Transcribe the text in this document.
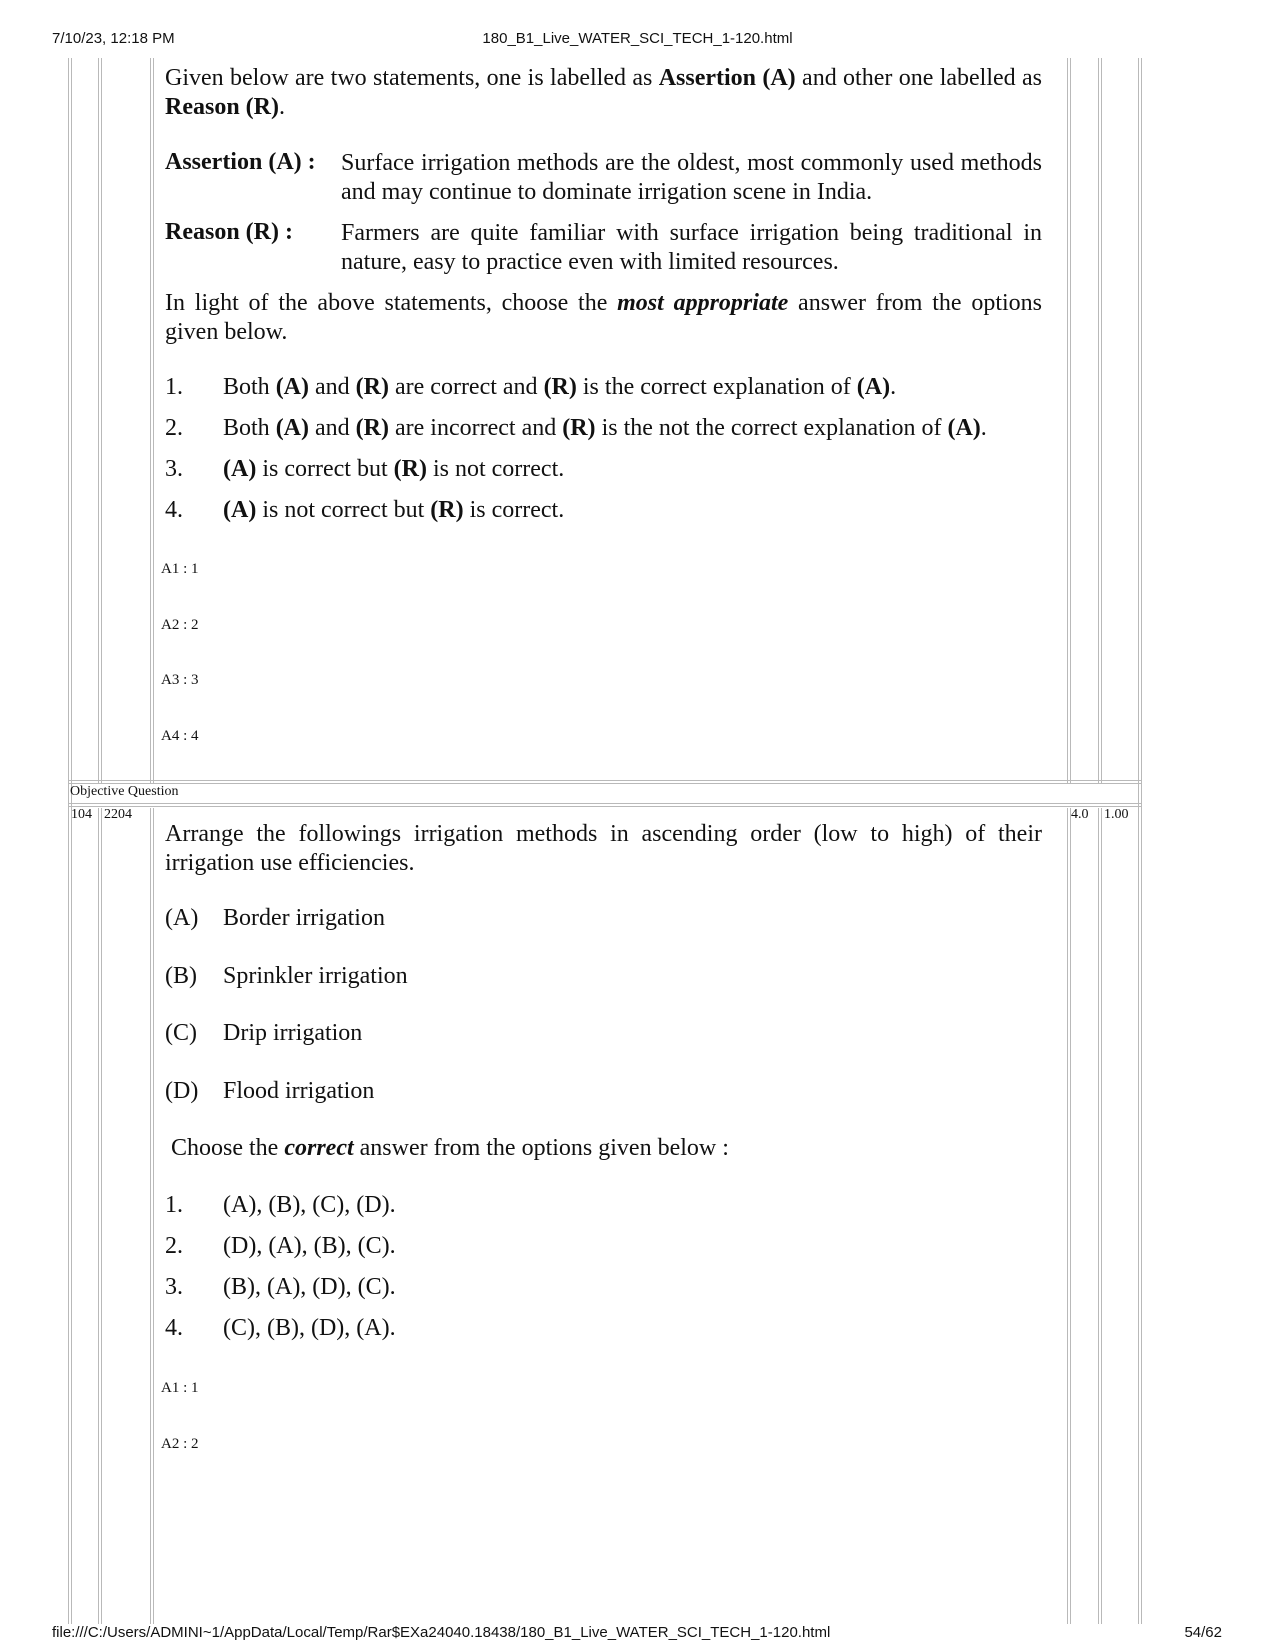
7/10/23, 12:18 PM	180_B1_Live_WATER_SCI_TECH_1-120.html
Given below are two statements, one is labelled as Assertion (A) and other one labelled as Reason (R).
Assertion (A) : Surface irrigation methods are the oldest, most commonly used methods and may continue to dominate irrigation scene in India.
Reason (R) : Farmers are quite familiar with surface irrigation being traditional in nature, easy to practice even with limited resources.
In light of the above statements, choose the most appropriate answer from the options given below.
1. Both (A) and (R) are correct and (R) is the correct explanation of (A).
2. Both (A) and (R) are incorrect and (R) is the not the correct explanation of (A).
3. (A) is correct but (R) is not correct.
4. (A) is not correct but (R) is correct.
A1 : 1
A2 : 2
A3 : 3
A4 : 4
Objective Question
104 2204	4.0 1.00
Arrange the followings irrigation methods in ascending order (low to high) of their irrigation use efficiencies.
(A) Border irrigation
(B) Sprinkler irrigation
(C) Drip irrigation
(D) Flood irrigation
Choose the correct answer from the options given below :
1. (A), (B), (C), (D).
2. (D), (A), (B), (C).
3. (B), (A), (D), (C).
4. (C), (B), (D), (A).
A1 : 1
A2 : 2
file:///C:/Users/ADMINI~1/AppData/Local/Temp/Rar$EXa24040.18438/180_B1_Live_WATER_SCI_TECH_1-120.html	54/62
